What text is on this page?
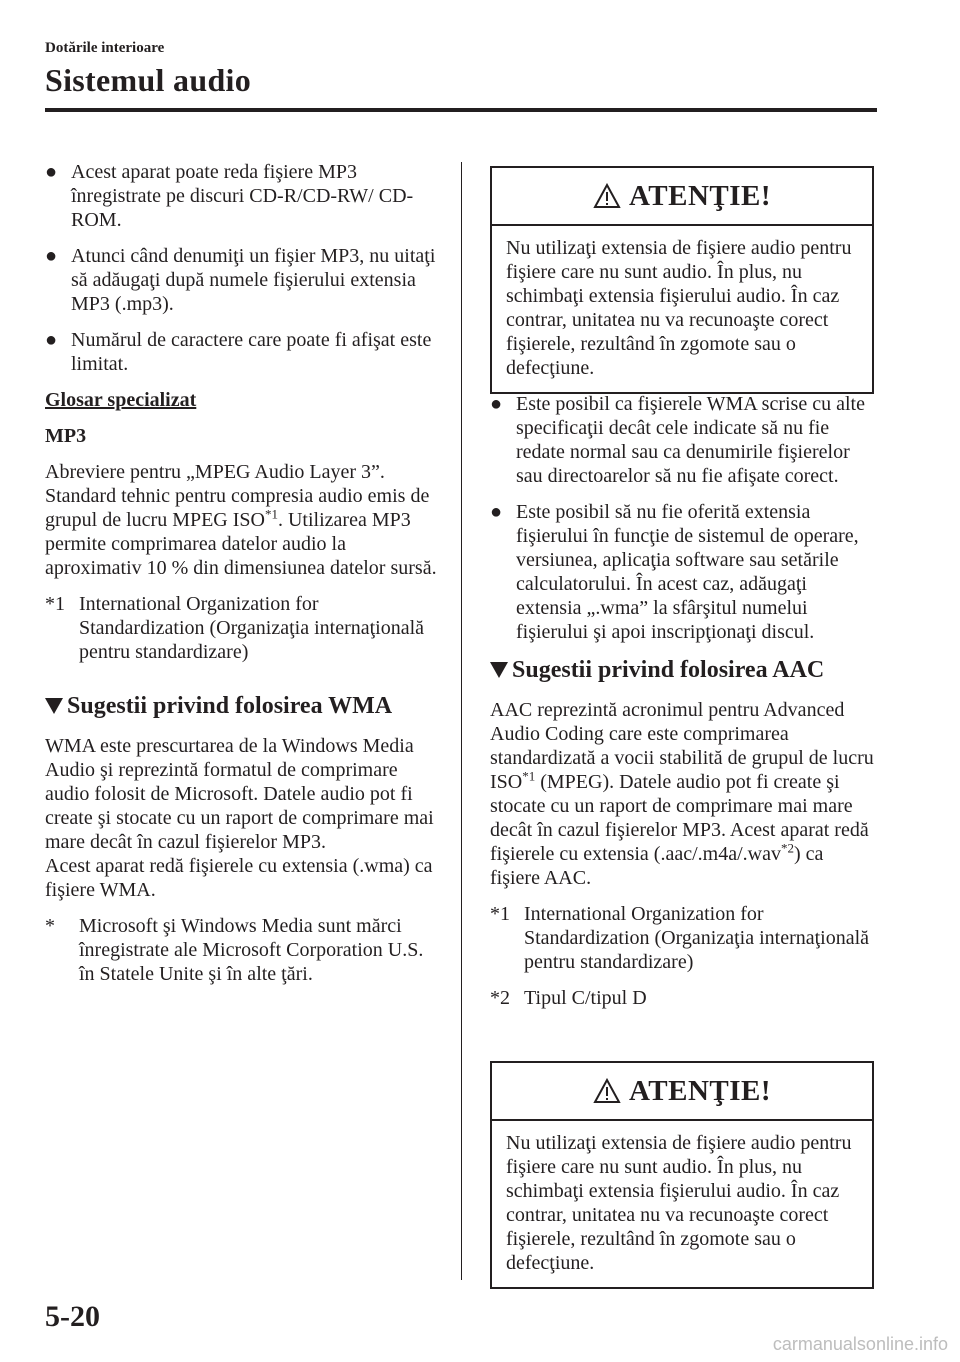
Dotările interioare
Sistemul audio
● Acest aparat poate reda fişiere MP3 înregistrate pe discuri CD-R/CD-RW/ CD-ROM.
● Atunci când denumiţi un fişier MP3, nu uitaţi să adăugaţi după numele fişierului extensia MP3 (.mp3).
● Numărul de caractere care poate fi afişat este limitat.
Glosar specializat
MP3

Abreviere pentru „MPEG Audio Layer 3”. Standard tehnic pentru compresia audio emis de grupul de lucru MPEG ISO$^{*1}$. Utilizarea MP3 permite comprimarea datelor audio la aproximativ 10 % din dimensiunea datelor sursă.

*1 International Organization for Standardization (Organizaţia internaţională pentru standardizare)
Sugestii privind folosirea WMA

WMA este prescurtarea de la Windows Media Audio şi reprezintă formatul de comprimare audio folosit de Microsoft. Datele audio pot fi create şi stocate cu un raport de comprimare mai mare decât în cazul fişierelor MP3.

Acest aparat redă fişierele cu extensia (.wma) ca fişiere WMA.

* Microsoft şi Windows Media sunt mărci înregistrate ale Microsoft Corporation U.S. în Statele Unite şi în alte ţări.
ATENŢIE!
Nu utilizaţi extensia de fişiere audio pentru fişiere care nu sunt audio. În plus, nu schimbaţi extensia fişierului audio. În caz contrar, unitatea nu va recunoaşte corect fişierele, rezultând în zgomote sau o defecţiune.
● Este posibil ca fişierele WMA scrise cu alte specificaţii decât cele indicate să nu fie redate normal sau ca denumirile fişierelor sau directoarelor să nu fie afişate corect.
● Este posibil să nu fie oferită extensia fişierului în funcţie de sistemul de operare, versiunea, aplicaţia software sau setările calculatorului. În acest caz, adăugaţi extensia „.wma” la sfârşitul numelui fişierului şi apoi inscripţionaţi discul.
Sugestii privind folosirea AAC

AAC reprezintă acronimul pentru Advanced Audio Coding care este comprimarea standardizată a vocii stabilită de grupul de lucru ISO$^{*1}$ (MPEG). Datele audio pot fi create şi stocate cu un raport de comprimare mai mare decât în cazul fişierelor MP3. Acest aparat redă fişierele cu extensia (.aac/.m4a/.wav$^{*2}$) ca fişiere AAC.

*1 International Organization for Standardization (Organizaţia internaţională pentru standardizare)
*2 Tipul C/tipul D
ATENŢIE!
Nu utilizaţi extensia de fişiere audio pentru fişiere care nu sunt audio. În plus, nu schimbaţi extensia fişierului audio. În caz contrar, unitatea nu va recunoaşte corect fişierele, rezultând în zgomote sau o defecţiune.
5-20
carmanualsonline.info
